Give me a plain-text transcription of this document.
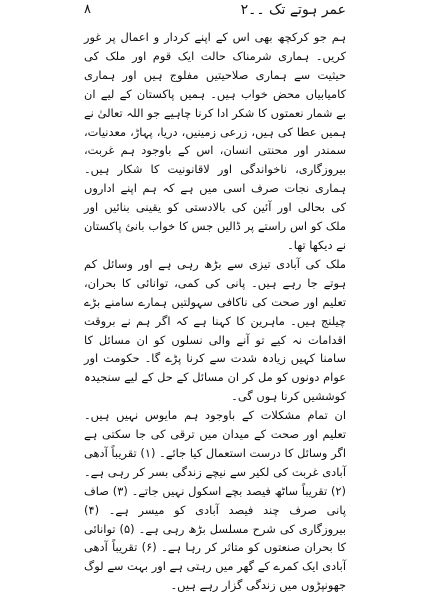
عمر ہوتے تک ۔۔۲
۸

ہم جو کرکچھ بھی اس کے اپنے کردار و اعمال پر غور کریں۔ ہماری شرمناک حالت ایک قوم اور ملک کی حیثیت سے ہماری صلاحیتیں مفلوج ہیں اور ہماری کامیابیاں محض خواب ہیں۔ ہمیں پاکستان کے لیے ان بے شمار نعمتوں کا شکر ادا کرنا چاہیے جو اللہ تعالیٰ نے ہمیں عطا کی ہیں، زرعی زمینیں، دریا، پہاڑ، معدنیات، سمندر اور محنتی انسان، اس کے باوجود ہم غربت، بیروزگاری، ناخواندگی اور لاقانونیت کا شکار ہیں۔ ہماری نجات صرف اسی میں ہے کہ ہم اپنے اداروں کی بحالی اور آئین کی بالادستی کو یقینی بنائیں اور ملک کو اس راستے پر ڈالیں جس کا خواب بانیٔ پاکستان نے دیکھا تھا۔

ملک کی آبادی تیزی سے بڑھ رہی ہے اور وسائل کم ہوتے جا رہے ہیں۔ پانی کی کمی، توانائی کا بحران، تعلیم اور صحت کی ناکافی سہولتیں ہمارے سامنے بڑے چیلنج ہیں۔ ماہرین کا کہنا ہے کہ اگر ہم نے بروقت اقدامات نہ کیے تو آنے والی نسلوں کو ان مسائل کا سامنا کہیں زیادہ شدت سے کرنا پڑے گا۔ حکومت اور عوام دونوں کو مل کر ان مسائل کے حل کے لیے سنجیدہ کوششیں کرنا ہوں گی۔

ان تمام مشکلات کے باوجود ہم مایوس نہیں ہیں۔ تعلیم اور صحت کے میدان میں ترقی کی جا سکتی ہے اگر وسائل کا درست استعمال کیا جائے۔ (۱) تقریباً آدھی آبادی غربت کی لکیر سے نیچے زندگی بسر کر رہی ہے۔ (۲) تقریباً ساٹھ فیصد بچے اسکول نہیں جاتے۔ (۳) صاف پانی صرف چند فیصد آبادی کو میسر ہے۔ (۴) بیروزگاری کی شرح مسلسل بڑھ رہی ہے۔ (۵) توانائی کا بحران صنعتوں کو متاثر کر رہا ہے۔ (۶) تقریباً آدھی آبادی ایک کمرے کے گھر میں رہتی ہے اور بہت سے لوگ جھونپڑوں میں زندگی گزار رہے ہیں۔
